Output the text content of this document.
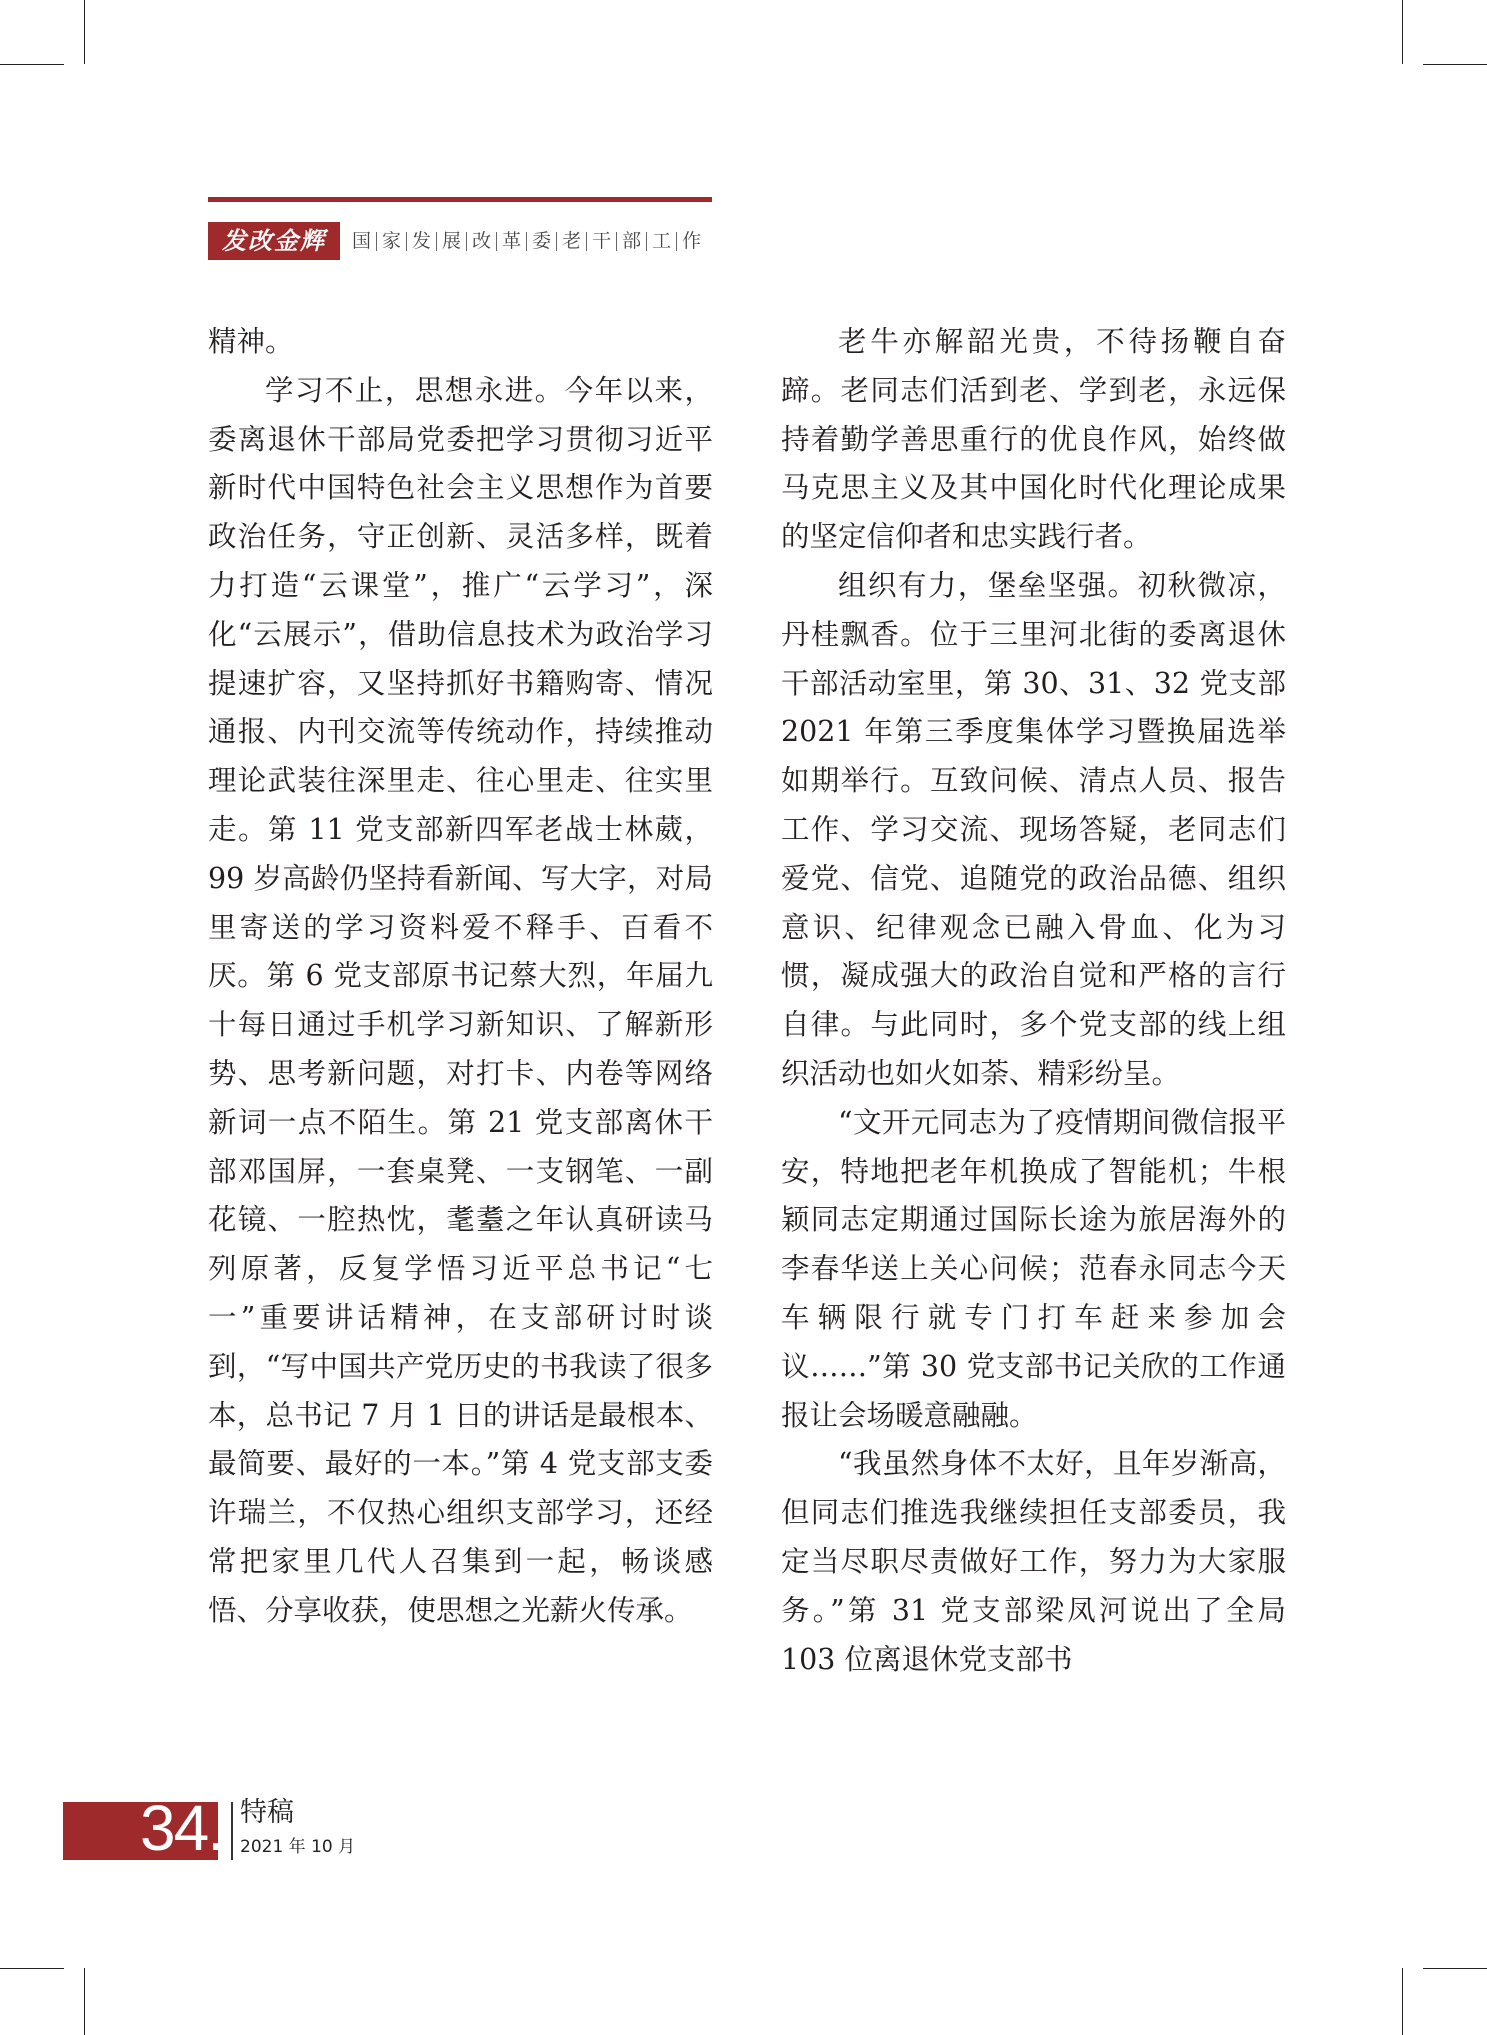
发改金辉	国 家 发 展 改 革 委 老 干 部 工 作

精神。

学习不止，思想永进。今年以来，委离退休干部局党委把学习贯彻习近平新时代中国特色社会主义思想作为首要政治任务，守正创新、灵活多样，既着力打造“云课堂”，推广“云学习”，深化“云展示”，借助信息技术为政治学习提速扩容，又坚持抓好书籍购寄、情况通报、内刊交流等传统动作，持续推动理论武装往深里走、往心里走、往实里走。第 11 党支部新四军老战士林葳，99 岁高龄仍坚持看新闻、写大字，对局里寄送的学习资料爱不释手、百看不厌。第 6 党支部原书记蔡大烈，年届九十每日通过手机学习新知识、了解新形势、思考新问题，对打卡、内卷等网络新词一点不陌生。第 21 党支部离休干部邓国屏，一套桌凳、一支钢笔、一副花镜、一腔热忱，耄耋之年认真研读马列原著，反复学悟习近平总书记“七一”重要讲话精神，在支部研讨时谈到，“写中国共产党历史的书我读了很多本，总书记 7 月 1 日的讲话是最根本、最简要、最好的一本。”第 4 党支部支委许瑞兰，不仅热心组织支部学习，还经常把家里几代人召集到一起，畅谈感悟、分享收获，使思想之光薪火传承。

老牛亦解韶光贵，不待扬鞭自奋蹄。老同志们活到老、学到老，永远保持着勤学善思重行的优良作风，始终做马克思主义及其中国化时代化理论成果的坚定信仰者和忠实践行者。

组织有力，堡垒坚强。初秋微凉，丹桂飘香。位于三里河北街的委离退休干部活动室里，第 30、31、32 党支部 2021 年第三季度集体学习暨换届选举如期举行。互致问候、清点人员、报告工作、学习交流、现场答疑，老同志们爱党、信党、追随党的政治品德、组织意识、纪律观念已融入骨血、化为习惯，凝成强大的政治自觉和严格的言行自律。与此同时，多个党支部的线上组织活动也如火如荼、精彩纷呈。

“文开元同志为了疫情期间微信报平安，特地把老年机换成了智能机；牛根颖同志定期通过国际长途为旅居海外的李春华送上关心问候；范春永同志今天车辆限行就专门打车赶来参加会议……”第 30 党支部书记关欣的工作通报让会场暖意融融。

“我虽然身体不太好，且年岁渐高，但同志们推选我继续担任支部委员，我定当尽职尽责做好工作，努力为大家服务。”第 31 党支部梁凤河说出了全局 103 位离退休党支部书

34. 特稿
2021 年 10 月
